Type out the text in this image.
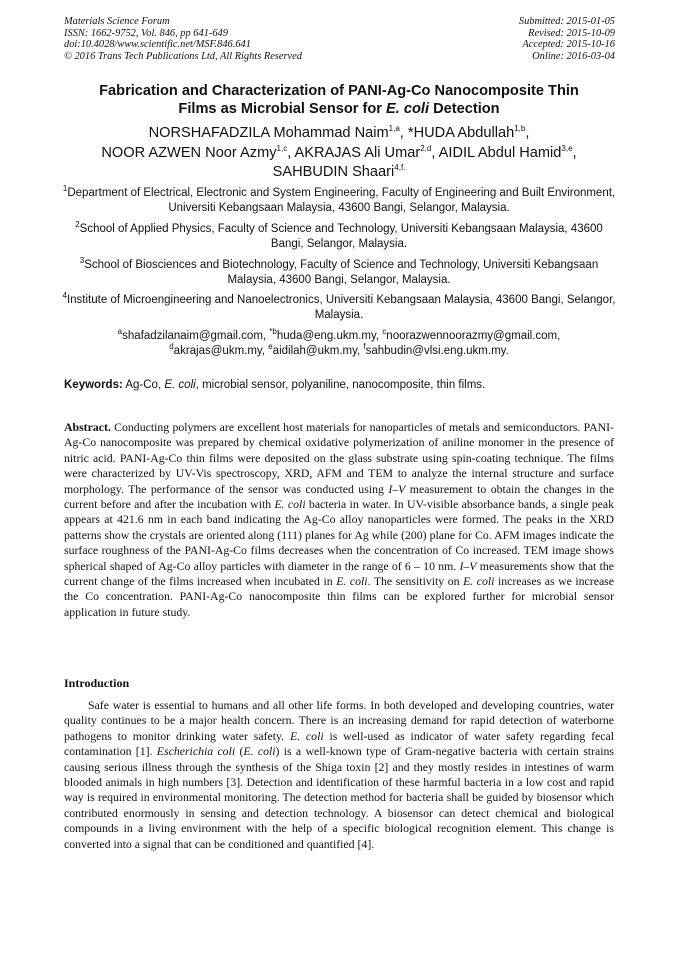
Materials Science Forum
ISSN: 1662-9752, Vol. 846, pp 641-649
doi:10.4028/www.scientific.net/MSF.846.641
© 2016 Trans Tech Publications Ltd, All Rights Reserved
Submitted: 2015-01-05
Revised: 2015-10-09
Accepted: 2015-10-16
Online: 2016-03-04
Fabrication and Characterization of PANI-Ag-Co Nanocomposite Thin
Films as Microbial Sensor for E. coli Detection
NORSHAFADZILA Mohammad Naim$^{1,a}$, *HUDA Abdullah$^{1,b}$,
NOOR AZWEN Noor Azmy$^{1,c}$, AKRAJAS Ali Umar$^{2,d}$, AIDIL Abdul Hamid$^{3,e}$,
SAHBUDIN Shaari$^{4,f.}$
$^1$Department of Electrical, Electronic and System Engineering, Faculty of Engineering and Built Environment, Universiti Kebangsaan Malaysia, 43600 Bangi, Selangor, Malaysia.
$^2$School of Applied Physics, Faculty of Science and Technology, Universiti Kebangsaan Malaysia, 43600 Bangi, Selangor, Malaysia.
$^3$School of Biosciences and Biotechnology, Faculty of Science and Technology, Universiti Kebangsaan Malaysia, 43600 Bangi, Selangor, Malaysia.
$^4$Institute of Microengineering and Nanoelectronics, Universiti Kebangsaan Malaysia, 43600 Bangi, Selangor, Malaysia.
$^a$shafadzilanaim@gmail.com, $^{*b}$huda@eng.ukm.my, $^c$noorazwennoorazmy@gmail.com,
$^d$akrajas@ukm.my, $^e$aidilah@ukm.my, $^f$sahbudin@vlsi.eng.ukm.my.
Keywords: Ag-Co, E. coli, microbial sensor, polyaniline, nanocomposite, thin films.
Abstract. Conducting polymers are excellent host materials for nanoparticles of metals and semiconductors. PANI-Ag-Co nanocomposite was prepared by chemical oxidative polymerization of aniline monomer in the presence of nitric acid. PANI-Ag-Co thin films were deposited on the glass substrate using spin-coating technique. The films were characterized by UV-Vis spectroscopy, XRD, AFM and TEM to analyze the internal structure and surface morphology. The performance of the sensor was conducted using I–V measurement to obtain the changes in the current before and after the incubation with E. coli bacteria in water. In UV-visible absorbance bands, a single peak appears at 421.6 nm in each band indicating the Ag-Co alloy nanoparticles were formed. The peaks in the XRD patterns show the crystals are oriented along (111) planes for Ag while (200) plane for Co. AFM images indicate the surface roughness of the PANI-Ag-Co films decreases when the concentration of Co increased. TEM image shows spherical shaped of Ag-Co alloy particles with diameter in the range of 6 – 10 nm. I–V measurements show that the current change of the films increased when incubated in E. coli. The sensitivity on E. coli increases as we increase the Co concentration. PANI-Ag-Co nanocomposite thin films can be explored further for microbial sensor application in future study.
Introduction
Safe water is essential to humans and all other life forms. In both developed and developing countries, water quality continues to be a major health concern. There is an increasing demand for rapid detection of waterborne pathogens to monitor drinking water safety. E. coli is well-used as indicator of water safety regarding fecal contamination [1]. Escherichia coli (E. coli) is a well-known type of Gram-negative bacteria with certain strains causing serious illness through the synthesis of the Shiga toxin [2] and they mostly resides in intestines of warm blooded animals in high numbers [3]. Detection and identification of these harmful bacteria in a low cost and rapid way is required in environmental monitoring. The detection method for bacteria shall be guided by biosensor which contributed enormously in sensing and detection technology. A biosensor can detect chemical and biological compounds in a living environment with the help of a specific biological recognition element. This change is converted into a signal that can be conditioned and quantified [4].
